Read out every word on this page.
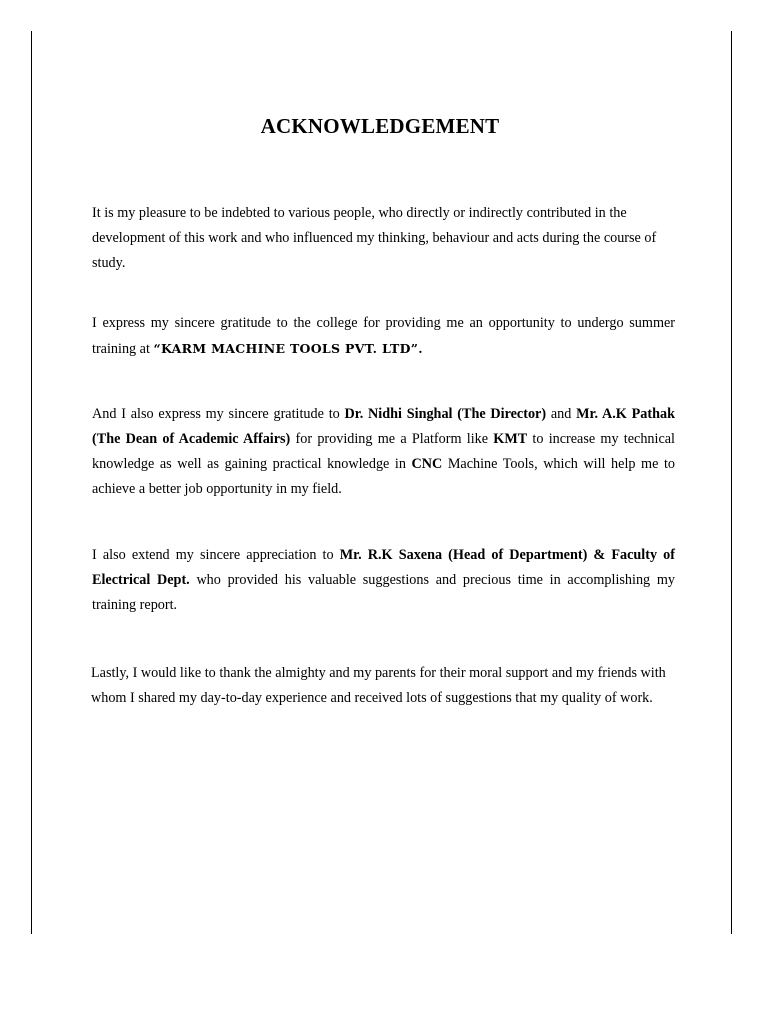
ACKNOWLEDGEMENT
It is my pleasure to be indebted to various people, who directly or indirectly contributed in the development of this work and who influenced my thinking, behaviour and acts during the course of study.
I express my sincere gratitude to the college for providing me an opportunity to undergo summer training at “KARM MACHINE TOOLS PVT. LTD”.
And I also express my sincere gratitude to Dr. Nidhi Singhal (The Director) and Mr. A.K Pathak (The Dean of Academic Affairs) for providing me a Platform like KMT to increase my technical knowledge as well as gaining practical knowledge in CNC Machine Tools, which will help me to achieve a better job opportunity in my field.
I also extend my sincere appreciation to Mr. R.K Saxena (Head of Department) & Faculty of Electrical Dept. who provided his valuable suggestions and precious time in accomplishing my training report.
Lastly, I would like to thank the almighty and my parents for their moral support and my friends with whom I shared my day-to-day experience and received lots of suggestions that my quality of work.
